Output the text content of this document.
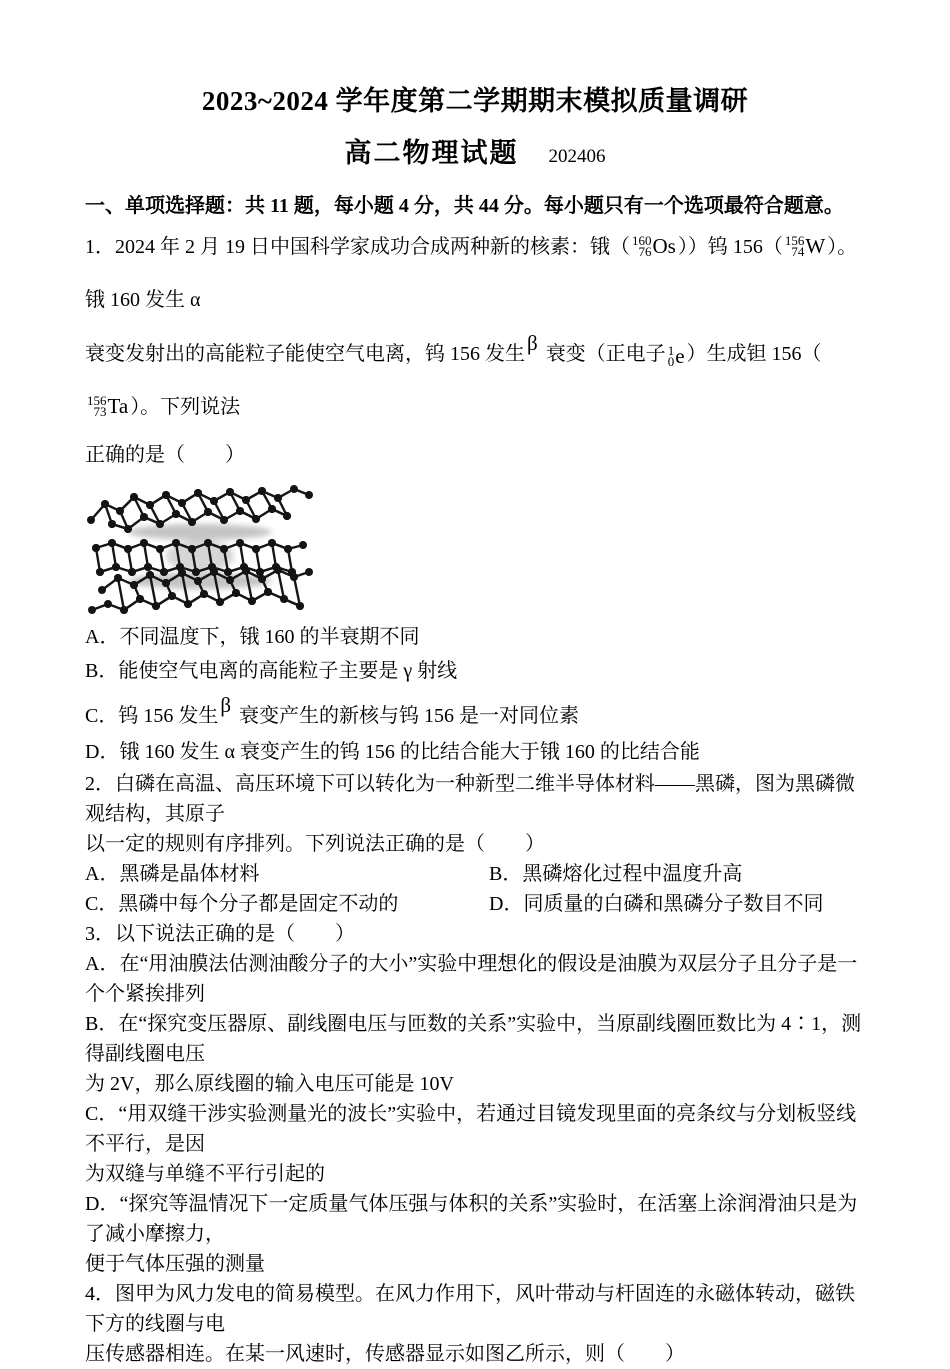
2023~2024 学年度第二学期期末模拟质量调研
高二物理试题 202406
一、单项选择题：共 11 题，每小题 4 分，共 44 分。每小题只有一个选项最符合题意。
1．2024 年 2 月 19 日中国科学家成功合成两种新的核素：锇（ 160
76 Os ））钨 156（ 156
74 W ）。锇 160 发生 α
衰变发射出的高能粒子能使空气电离，钨 156 发生β 衰变（正电子 1
0 e ）生成钽 156（
156
73 Ta ）。下列说法
正确的是（　　）
A．不同温度下，锇 160 的半衰期不同
B．能使空气电离的高能粒子主要是 γ 射线
C．钨 156 发生β 衰变产生的新核与钨 156 是一对同位素
D．锇 160 发生 α 衰变产生的钨 156 的比结合能大于锇 160 的比结合能
2．白磷在高温、高压环境下可以转化为一种新型二维半导体材料——黑磷，图为黑磷微观结构，其原子
以一定的规则有序排列。下列说法正确的是（　　）
A．黑磷是晶体材料	B．黑磷熔化过程中温度升高
C．黑磷中每个分子都是固定不动的	D．同质量的白磷和黑磷分子数目不同
3．以下说法正确的是（　　）
A．在“用油膜法估测油酸分子的大小”实验中理想化的假设是油膜为双层分子且分子是一个个紧挨排列
B．在“探究变压器原、副线圈电压与匝数的关系”实验中，当原副线圈匝数比为 4∶1，测得副线圈电压
为 2V，那么原线圈的输入电压可能是 10V
C．“用双缝干涉实验测量光的波长”实验中，若通过目镜发现里面的亮条纹与分划板竖线不平行，是因
为双缝与单缝不平行引起的
D．“探究等温情况下一定质量气体压强与体积的关系”实验时，在活塞上涂润滑油只是为了减小摩擦力，
便于气体压强的测量
4．图甲为风力发电的简易模型。在风力作用下，风叶带动与杆固连的永磁体转动，磁铁下方的线圈与电
压传感器相连。在某一风速时，传感器显示如图乙所示，则（　　）
